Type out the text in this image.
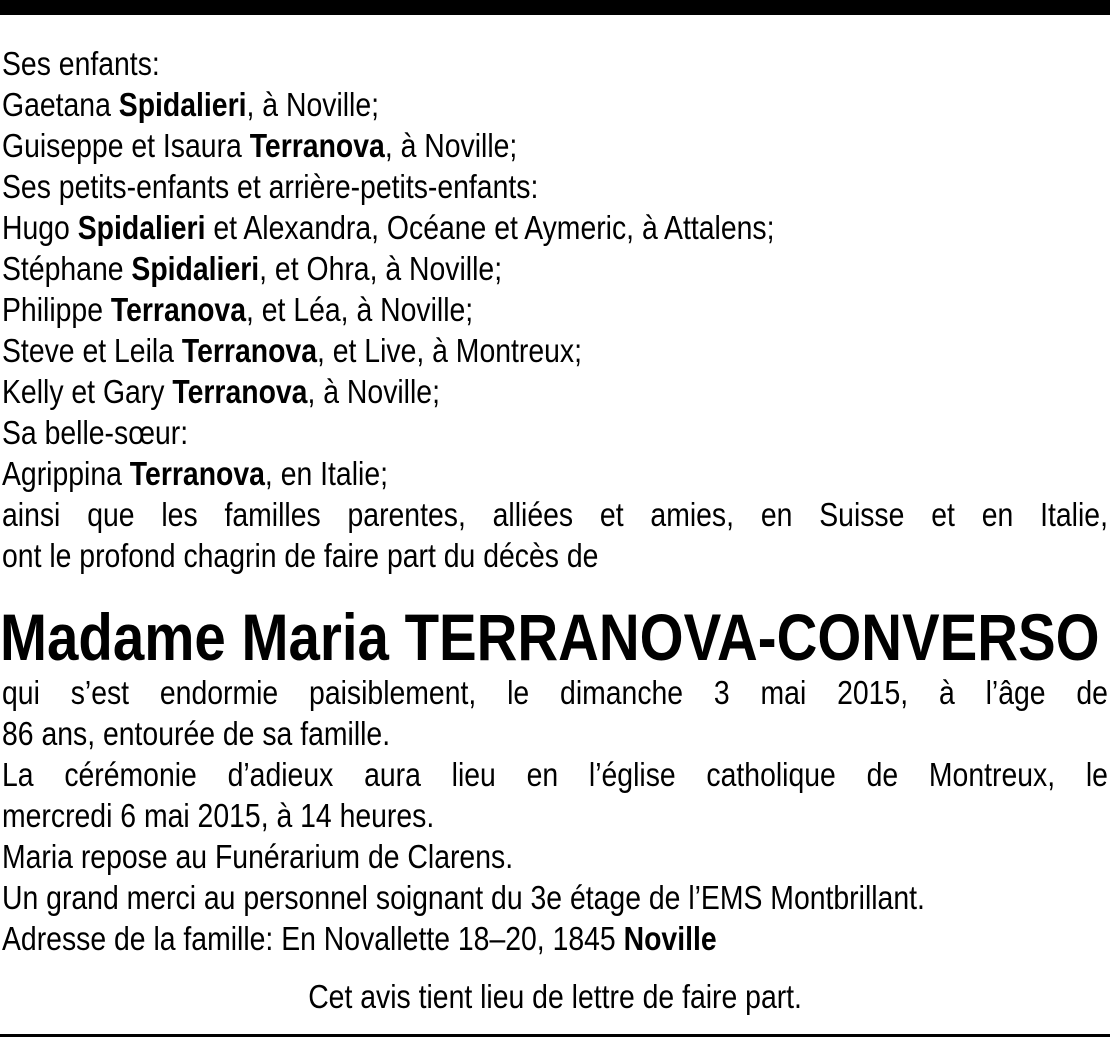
Ses enfants:
Gaetana Spidalieri, à Noville;
Guiseppe et Isaura Terranova, à Noville;
Ses petits-enfants et arrière-petits-enfants:
Hugo Spidalieri et Alexandra, Océane et Aymeric, à Attalens;
Stéphane Spidalieri, et Ohra, à Noville;
Philippe Terranova, et Léa, à Noville;
Steve et Leila Terranova, et Live, à Montreux;
Kelly et Gary Terranova, à Noville;
Sa belle-sœur:
Agrippina Terranova, en Italie;
ainsi que les familles parentes, alliées et amies, en Suisse et en Italie,
ont le profond chagrin de faire part du décès de
Madame Maria TERRANOVA-CONVERSO
qui s’est endormie paisiblement, le dimanche 3 mai 2015, à l’âge de
86 ans, entourée de sa famille.
La cérémonie d’adieux aura lieu en l’église catholique de Montreux, le
mercredi 6 mai 2015, à 14 heures.
Maria repose au Funérarium de Clarens.
Un grand merci au personnel soignant du 3e étage de l’EMS Montbrillant.
Adresse de la famille: En Novallette 18–20, 1845 Noville
Cet avis tient lieu de lettre de faire part.
